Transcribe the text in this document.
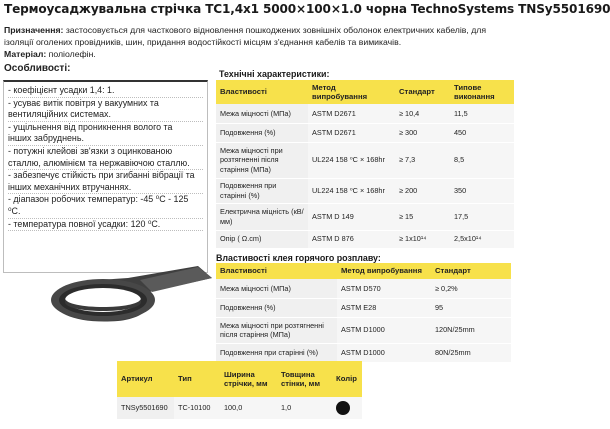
Термоусаджувальна стрічка ТС1,4х1 5000×100×1.0 чорна TechnoSystems TNSy5501690
Призначення: застосовується для часткового відновлення пошкоджених зовнішніх оболонок електричних кабелів, для ізоляції оголених провідників, шин, придання водостійкості місцям з'єднання кабелів та вимикачів.
Матеріал: поліолефін.
Особливості:
- коефіцієнт усадки 1,4: 1.
- усуває витік повітря у вакуумних та
вентиляційних системах.
- ущільнення від проникнення волого та
інших забруднень.
- потужні клейові зв'язки з оцинкованою
сталлю, алюмінієм та нержавіючою сталлю.
- забезпечує стійкість при згибанні вібрації та
інших механічних втручаннях.
- діапазон робочих температур: -45 ⁰С - 125 ⁰С.
- температура повної усадки: 120 ⁰С.
Технічні характеристики:
Властивості	Метод випробування	Стандарт	Типове виконання
Межа міцності (МПа)	ASTM D2671	≥ 10,4	11,5
Подовження (%)	ASTM D2671	≥ 300	450
Межа міцності при розтягненні після старіння (МПа)	UL224 158 ⁰С × 168hr	≥ 7,3	8,5
Подовження при старінні (%)	UL224 158 ⁰С × 168hr	≥ 200	350
Електрична міцність (кВ/мм)	ASTM D 149	≥ 15	17,5
Опір ( Ω.cm)	ASTM D 876	≥ 1x10¹⁴	2,5x10¹⁴
Властивості клея горячого розплаву:
Властивості	Метод випробування	Стандарт
Межа міцності (МПа)	ASTM D570	≥ 0,2%
Подовження (%)	ASTM E28	95
Межа міцності при розтягненні після старіння (МПа)	ASTM D1000	120N/25mm
Подовження при старінні (%)	ASTM D1000	80N/25mm
Артикул	Тип	Ширина стрічки, мм	Товщина стінки, мм	Колір
TNSy5501690	TC-10100	100,0	1,0	
